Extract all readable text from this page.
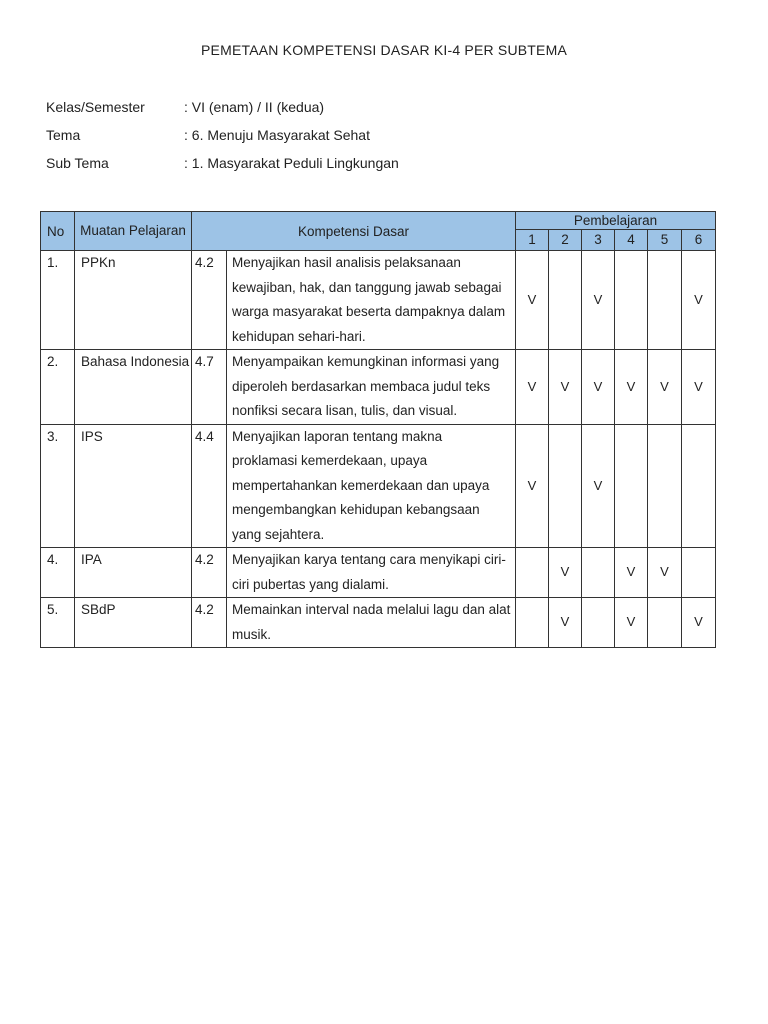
PEMETAAN KOMPETENSI DASAR KI-4 PER SUBTEMA
Kelas/Semester	: VI (enam) / II (kedua)
Tema	: 6. Menuju Masyarakat Sehat
Sub Tema	: 1. Masyarakat Peduli Lingkungan
No	Muatan Pelajaran	Kompetensi Dasar		Pembelajaran					
				1	2	3	4	5	6
1.	PPKn	4.2	Menyajikan hasil analisis pelaksanaan kewajiban, hak, dan tanggung jawab sebagai warga masyarakat beserta dampaknya dalam kehidupan sehari-hari.	V		V			V
2.	Bahasa Indonesia	4.7	Menyampaikan kemungkinan informasi yang diperoleh berdasarkan membaca judul teks nonfiksi secara lisan, tulis, dan visual.	V	V	V	V	V	V
3.	IPS	4.4	Menyajikan laporan tentang makna proklamasi kemerdekaan, upaya mempertahankan kemerdekaan dan upaya mengembangkan kehidupan kebangsaan yang sejahtera.	V		V			
4.	IPA	4.2	Menyajikan karya tentang cara menyikapi ciri-ciri pubertas yang dialami.		V		V	V	
5.	SBdP	4.2	Memainkan interval nada melalui lagu dan alat musik.		V		V		V
